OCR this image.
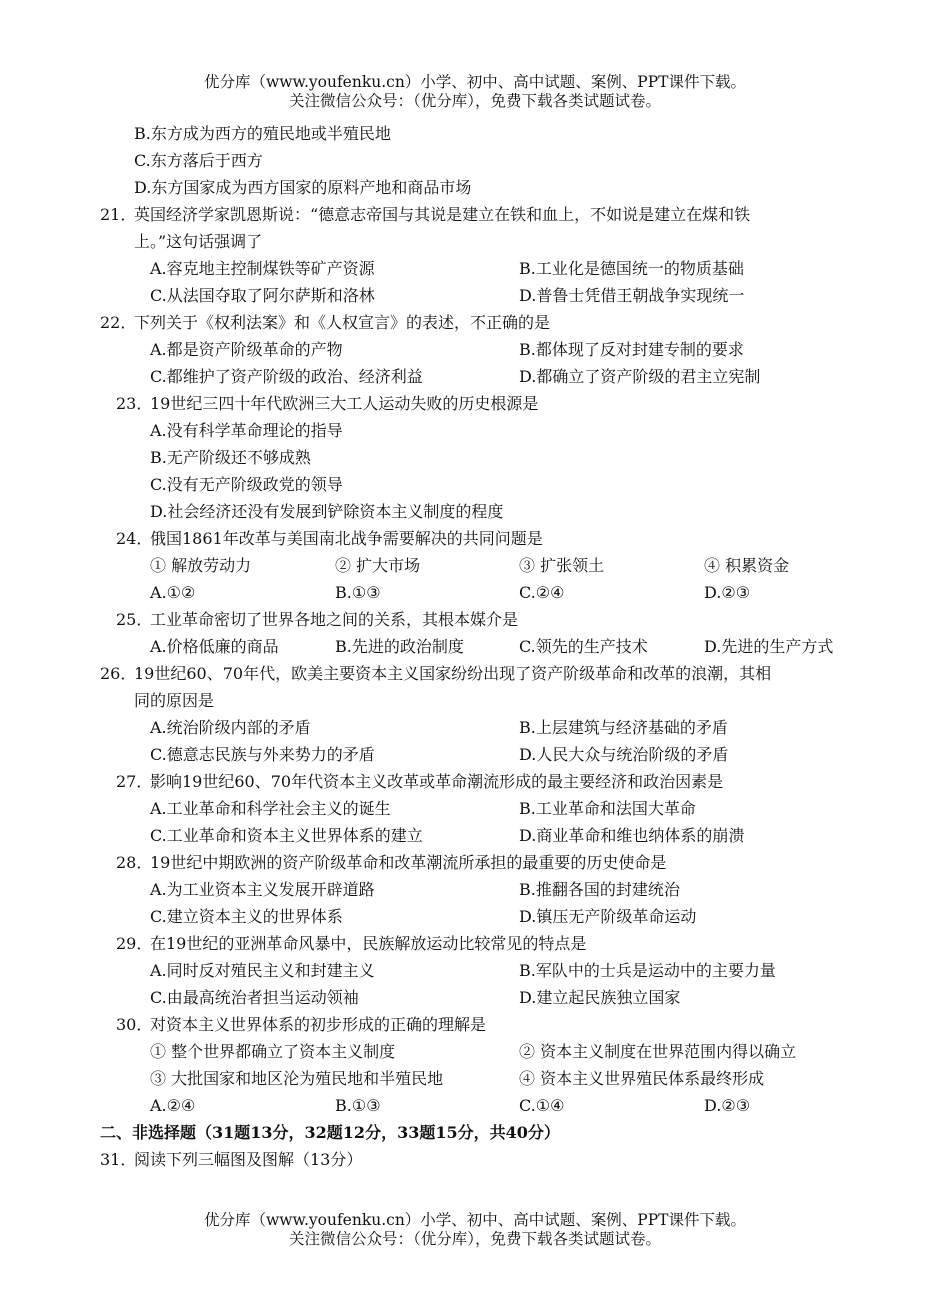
优分库（www.youfenku.cn）小学、初中、高中试题、案例、PPT课件下载。
关注微信公众号：（优分库），免费下载各类试题试卷。
B.东方成为西方的殖民地或半殖民地
C.东方落后于西方
D.东方国家成为西方国家的原料产地和商品市场
21．
英国经济学家凯恩斯说：“德意志帝国与其说是建立在铁和血上，不如说是建立在煤和铁
上。”这句话强调了
A.容克地主控制煤铁等矿产资源	B.工业化是德国统一的物质基础
C.从法国夺取了阿尔萨斯和洛林	D.普鲁士凭借王朝战争实现统一
22．
下列关于《权利法案》和《人权宣言》的表述，不正确的是
A.都是资产阶级革命的产物	B.都体现了反对封建专制的要求
C.都维护了资产阶级的政治、经济利益	D.都确立了资产阶级的君主立宪制
23．
19世纪三四十年代欧洲三大工人运动失败的历史根源是
A.没有科学革命理论的指导
B.无产阶级还不够成熟
C.没有无产阶级政党的领导
D.社会经济还没有发展到铲除资本主义制度的程度
24．
俄国1861年改革与美国南北战争需要解决的共同问题是
① 解放劳动力	② 扩大市场	③ 扩张领土	④ 积累资金
A.①②	B.①③	C.②④	D.②③
25．
工业革命密切了世界各地之间的关系，其根本媒介是
A.价格低廉的商品	B.先进的政治制度	C.领先的生产技术	D.先进的生产方式
26．
19世纪60、70年代，欧美主要资本主义国家纷纷出现了资产阶级革命和改革的浪潮，其相
同的原因是
A.统治阶级内部的矛盾	B.上层建筑与经济基础的矛盾
C.德意志民族与外来势力的矛盾	D.人民大众与统治阶级的矛盾
27．
影响19世纪60、70年代资本主义改革或革命潮流形成的最主要经济和政治因素是
A.工业革命和科学社会主义的诞生	B.工业革命和法国大革命
C.工业革命和资本主义世界体系的建立	D.商业革命和维也纳体系的崩溃
28．
19世纪中期欧洲的资产阶级革命和改革潮流所承担的最重要的历史使命是
A.为工业资本主义发展开辟道路	B.推翻各国的封建统治
C.建立资本主义的世界体系	D.镇压无产阶级革命运动
29．
在19世纪的亚洲革命风暴中，民族解放运动比较常见的特点是
A.同时反对殖民主义和封建主义	B.军队中的士兵是运动中的主要力量
C.由最高统治者担当运动领袖	D.建立起民族独立国家
30．
对资本主义世界体系的初步形成的正确的理解是
① 整个世界都确立了资本主义制度	② 资本主义制度在世界范围内得以确立
③ 大批国家和地区沦为殖民地和半殖民地	④ 资本主义世界殖民体系最终形成
A.②④	B.①③	C.①④	D.②③
二、非选择题（31题13分，32题12分，33题15分，共40分）
31．
阅读下列三幅图及图解（13分）
优分库（www.youfenku.cn）小学、初中、高中试题、案例、PPT课件下载。
关注微信公众号：（优分库），免费下载各类试题试卷。
